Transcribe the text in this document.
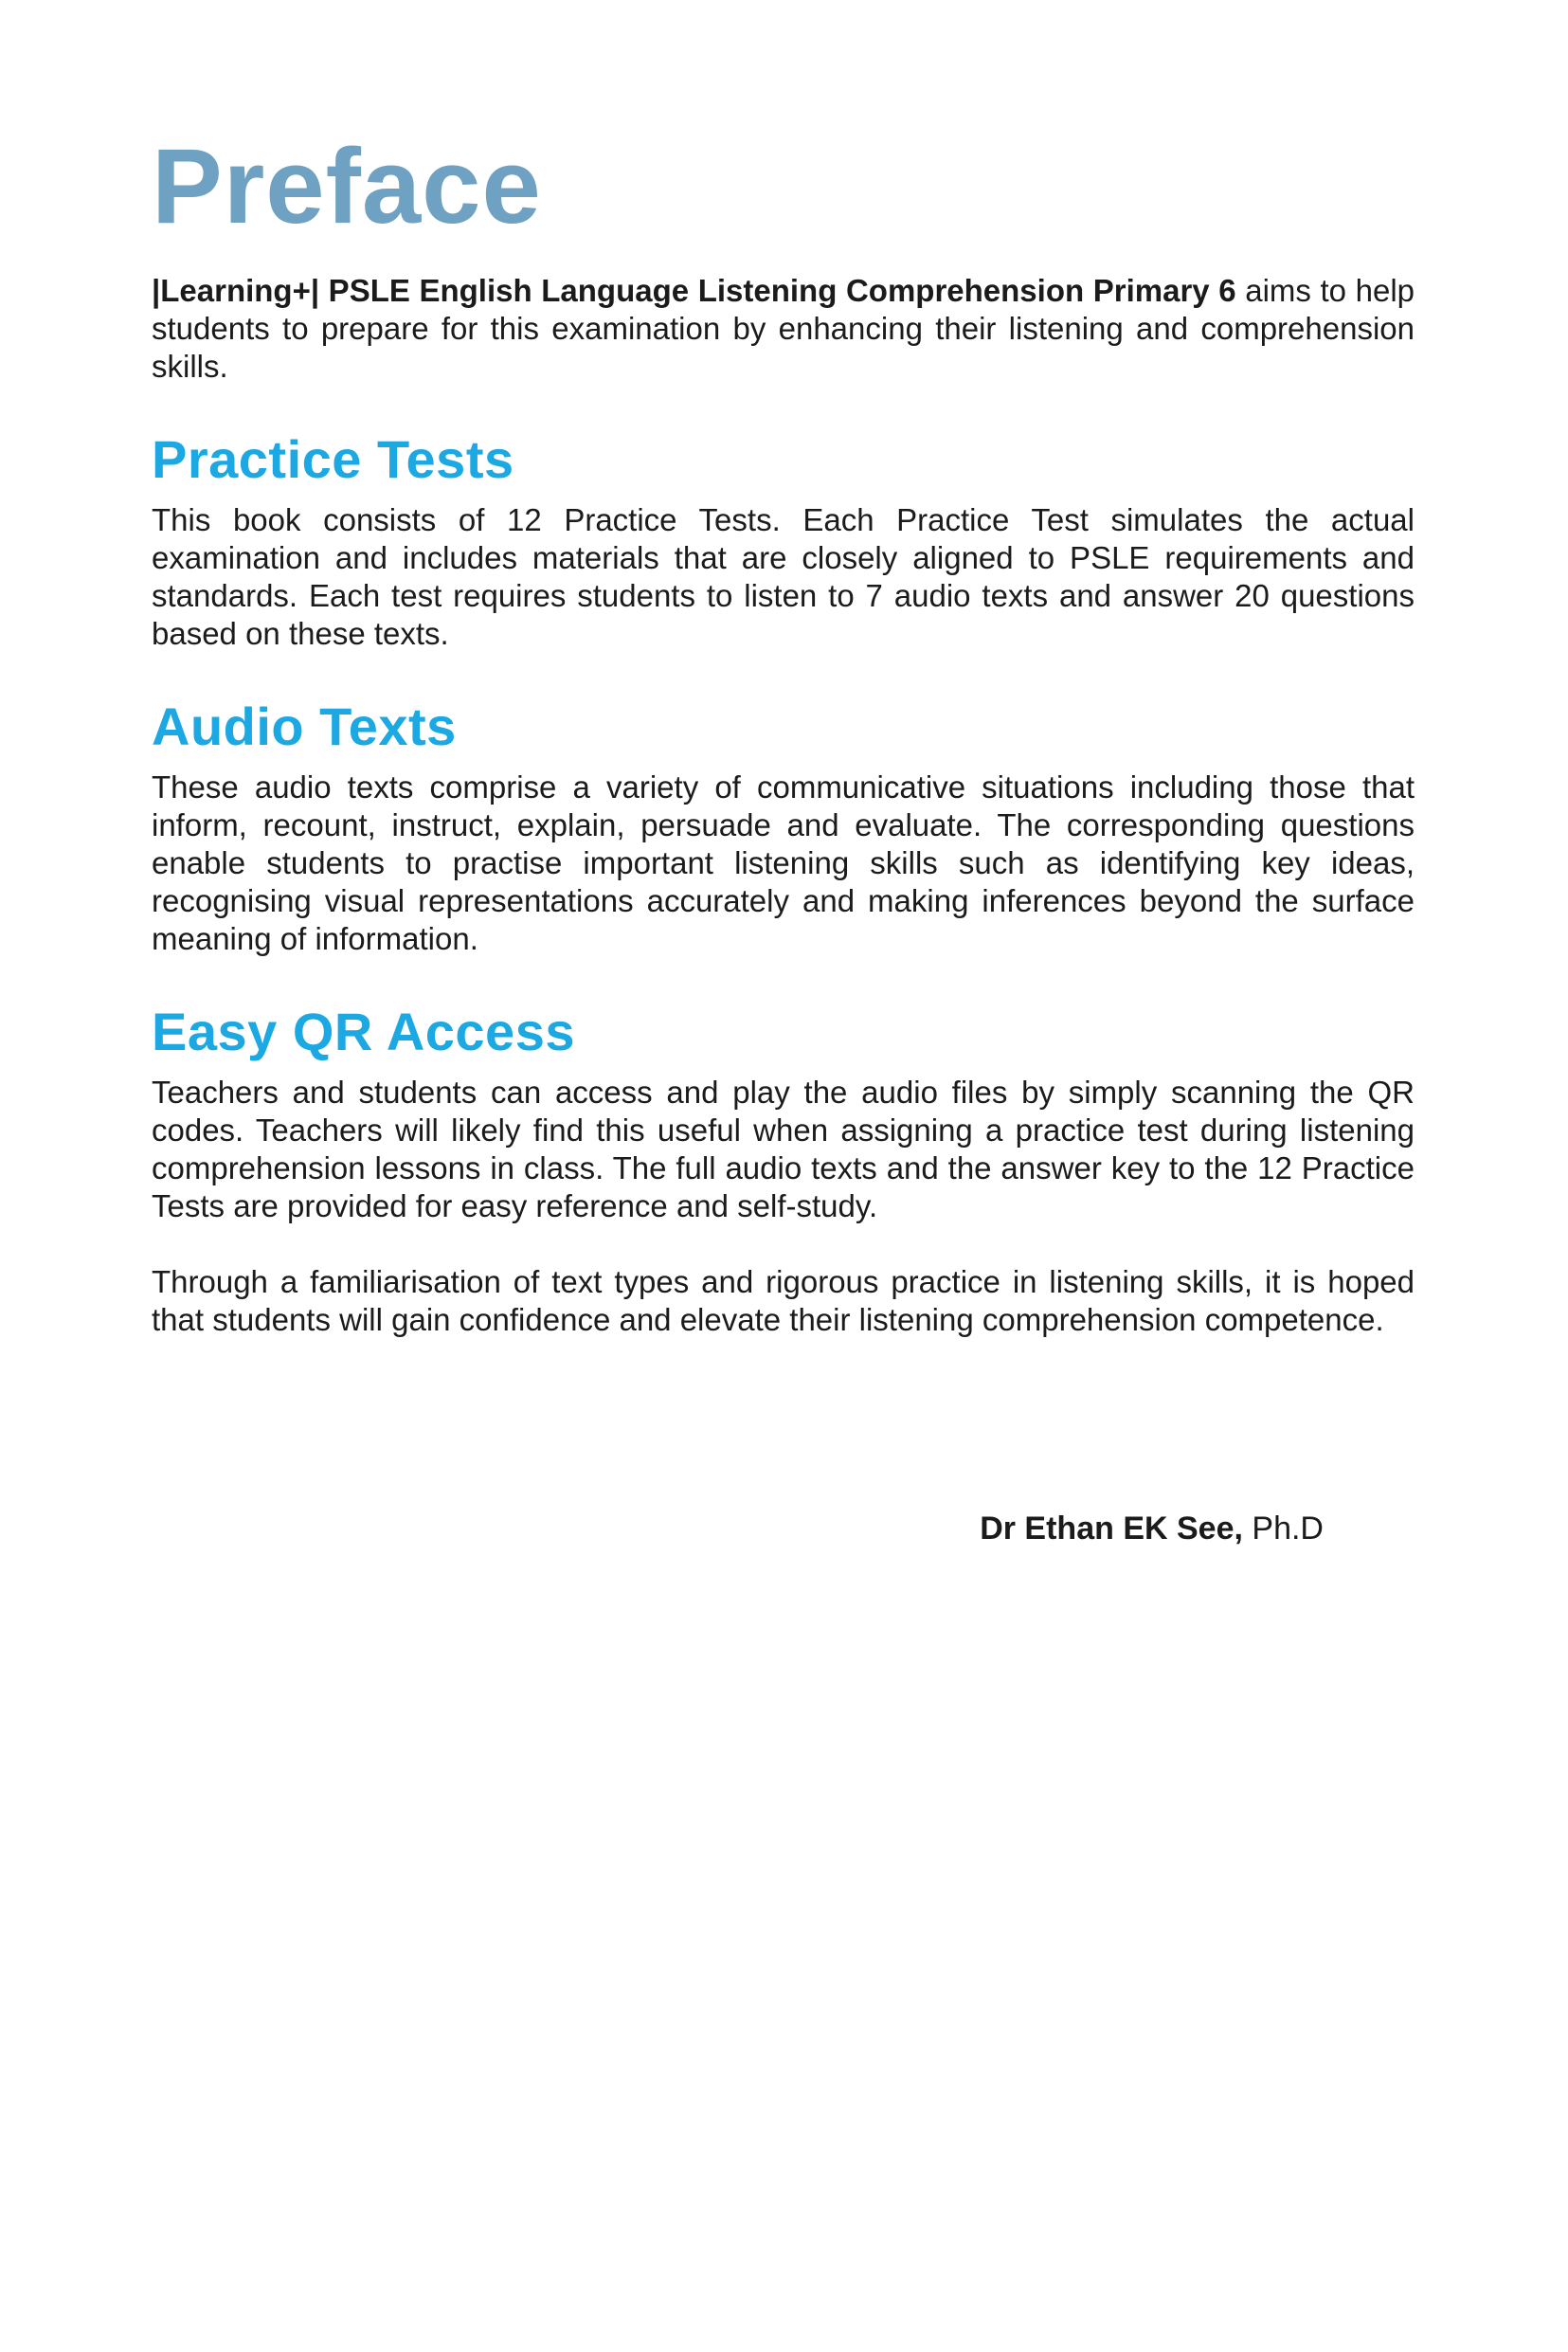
Preface

|Learning+| PSLE English Language Listening Comprehension Primary 6 aims to help students to prepare for this examination by enhancing their listening and comprehension skills.

Practice Tests

This book consists of 12 Practice Tests. Each Practice Test simulates the actual examination and includes materials that are closely aligned to PSLE requirements and standards. Each test requires students to listen to 7 audio texts and answer 20 questions based on these texts.

Audio Texts

These audio texts comprise a variety of communicative situations including those that inform, recount, instruct, explain, persuade and evaluate. The corresponding questions enable students to practise important listening skills such as identifying key ideas, recognising visual representations accurately and making inferences beyond the surface meaning of information.

Easy QR Access

Teachers and students can access and play the audio files by simply scanning the QR codes. Teachers will likely find this useful when assigning a practice test during listening comprehension lessons in class. The full audio texts and the answer key to the 12 Practice Tests are provided for easy reference and self-study.

Through a familiarisation of text types and rigorous practice in listening skills, it is hoped that students will gain confidence and elevate their listening comprehension competence.

Dr Ethan EK See, Ph.D
